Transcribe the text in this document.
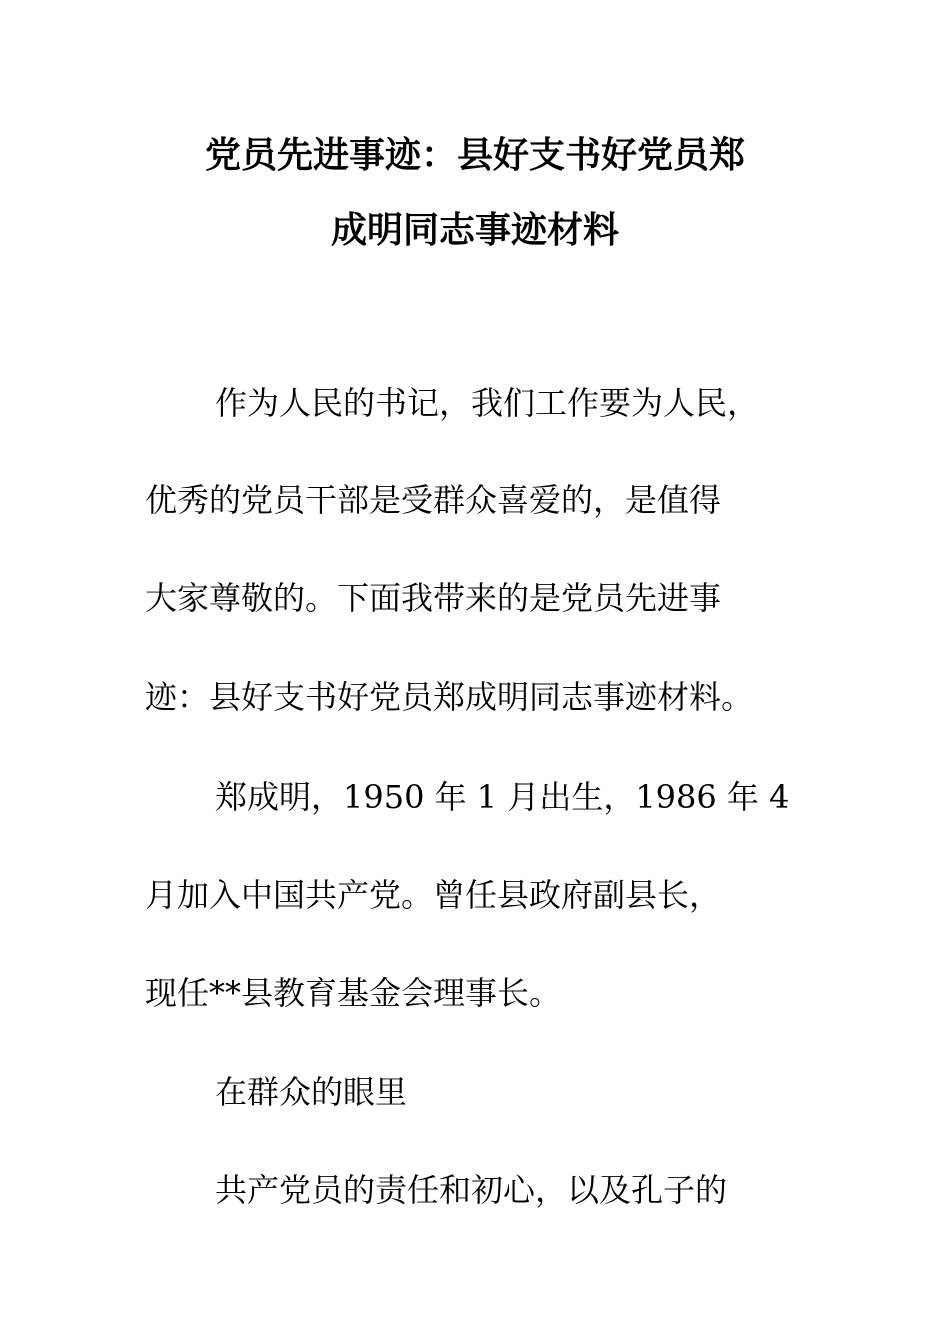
党员先进事迹：县好支书好党员郑
成明同志事迹材料
作为人民的书记，我们工作要为人民，
优秀的党员干部是受群众喜爱的，是值得
大家尊敬的。下面我带来的是党员先进事
迹：县好支书好党员郑成明同志事迹材料。
郑成明，1950 年 1 月出生，1986 年 4
月加入中国共产党。曾任县政府副县长，
现任**县教育基金会理事长。
在群众的眼里
共产党员的责任和初心，以及孔子的
